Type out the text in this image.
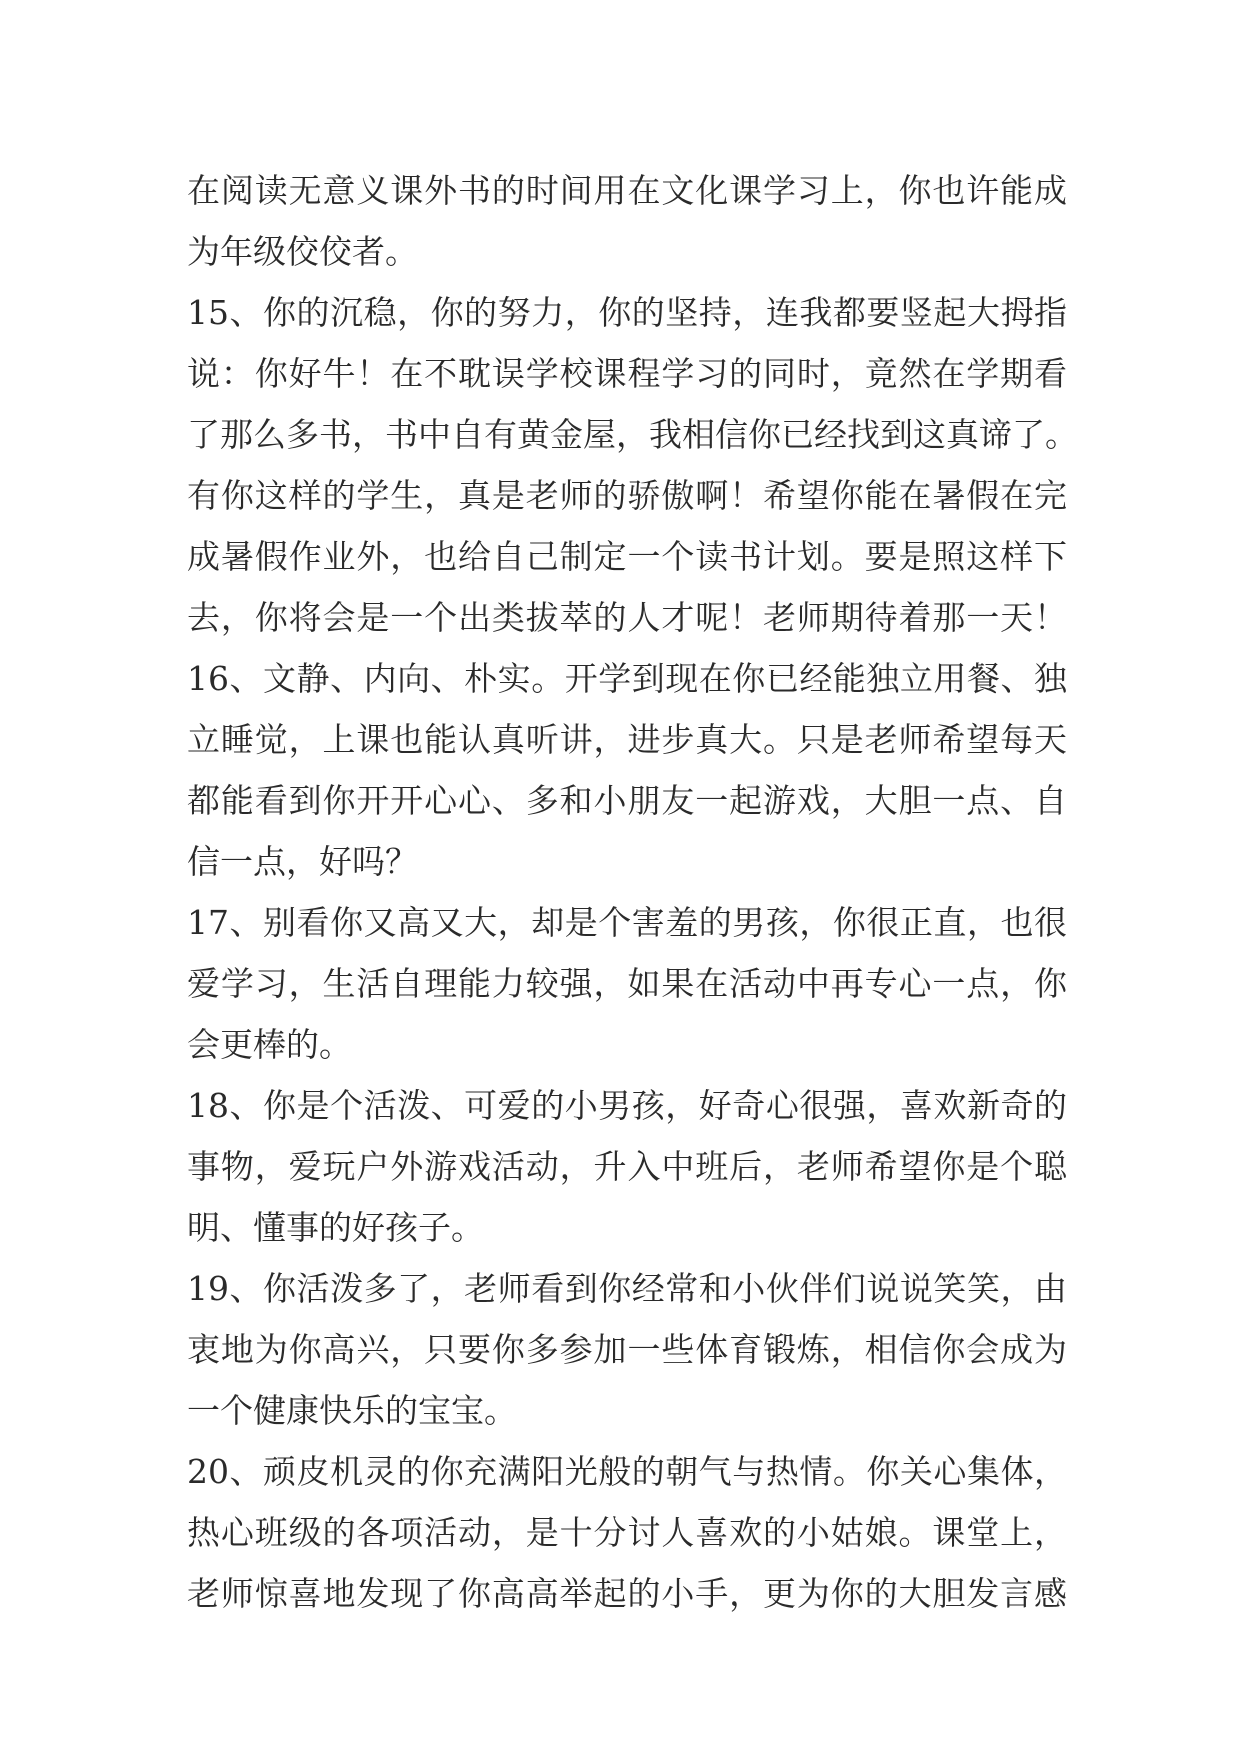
在阅读无意义课外书的时间用在文化课学习上，你也许能成
为年级佼佼者。
15、你的沉稳，你的努力，你的坚持，连我都要竖起大拇指
说：你好牛！在不耽误学校课程学习的同时，竟然在学期看
了那么多书，书中自有黄金屋，我相信你已经找到这真谛了。
有你这样的学生，真是老师的骄傲啊！希望你能在暑假在完
成暑假作业外，也给自己制定一个读书计划。要是照这样下
去，你将会是一个出类拔萃的人才呢！老师期待着那一天！
16、文静、内向、朴实。开学到现在你已经能独立用餐、独
立睡觉，上课也能认真听讲，进步真大。只是老师希望每天
都能看到你开开心心、多和小朋友一起游戏，大胆一点、自
信一点，好吗？
17、别看你又高又大，却是个害羞的男孩，你很正直，也很
爱学习，生活自理能力较强，如果在活动中再专心一点，你
会更棒的。
18、你是个活泼、可爱的小男孩，好奇心很强，喜欢新奇的
事物，爱玩户外游戏活动，升入中班后，老师希望你是个聪
明、懂事的好孩子。
19、你活泼多了，老师看到你经常和小伙伴们说说笑笑，由
衷地为你高兴，只要你多参加一些体育锻炼，相信你会成为
一个健康快乐的宝宝。
20、顽皮机灵的你充满阳光般的朝气与热情。你关心集体，
热心班级的各项活动，是十分讨人喜欢的小姑娘。课堂上，
老师惊喜地发现了你高高举起的小手，更为你的大胆发言感
